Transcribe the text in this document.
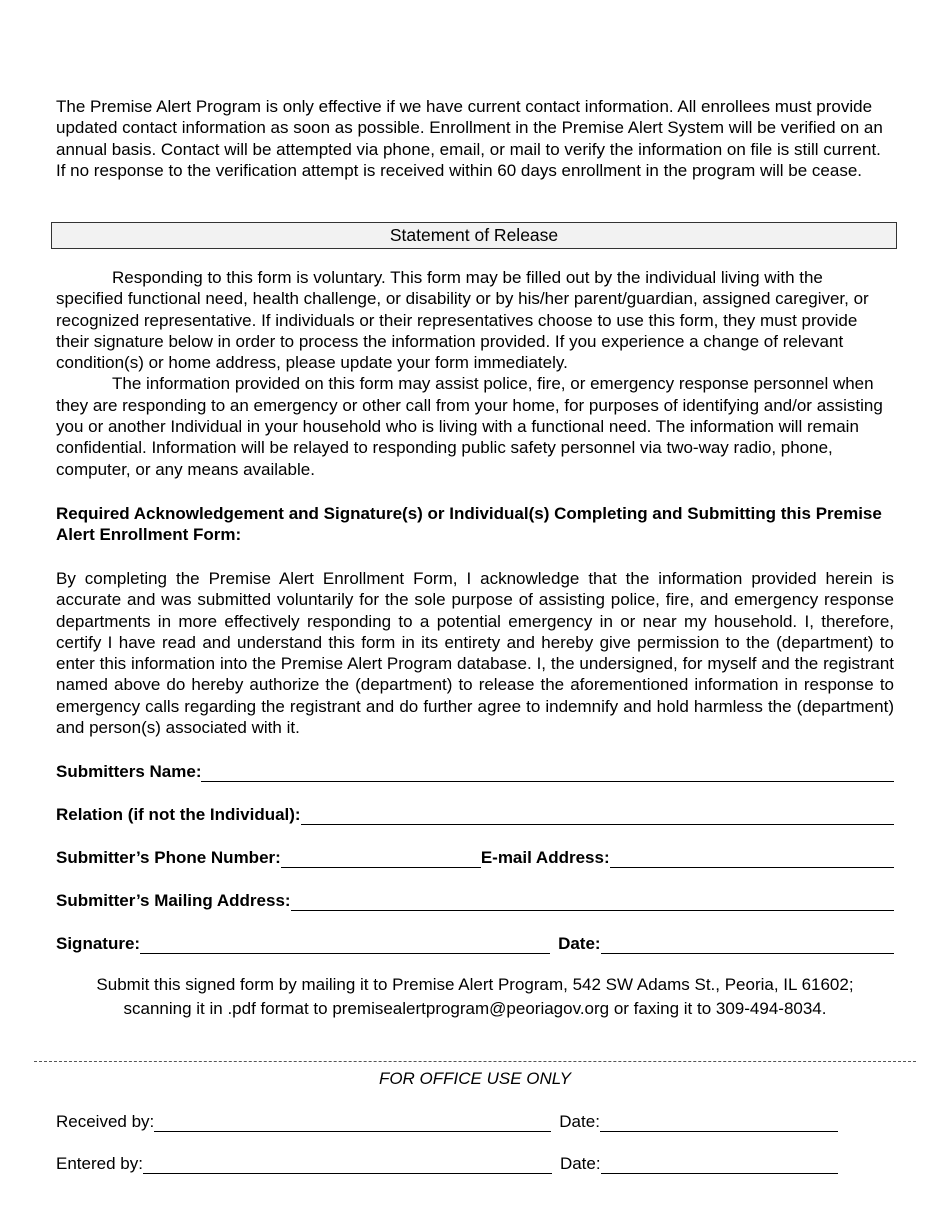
The Premise Alert Program is only effective if we have current contact information. All enrollees must provide updated contact information as soon as possible. Enrollment in the Premise Alert System will be verified on an annual basis. Contact will be attempted via phone, email, or mail to verify the information on file is still current. If no response to the verification attempt is received within 60 days enrollment in the program will be cease.

Statement of Release

Responding to this form is voluntary. This form may be filled out by the individual living with the specified functional need, health challenge, or disability or by his/her parent/guardian, assigned caregiver, or recognized representative. If individuals or their representatives choose to use this form, they must provide their signature below in order to process the information provided. If you experience a change of relevant condition(s) or home address, please update your form immediately.

The information provided on this form may assist police, fire, or emergency response personnel when they are responding to an emergency or other call from your home, for purposes of identifying and/or assisting you or another Individual in your household who is living with a functional need. The information will remain confidential. Information will be relayed to responding public safety personnel via two-way radio, phone, computer, or any means available.

Required Acknowledgement and Signature(s) or Individual(s) Completing and Submitting this Premise Alert Enrollment Form:

By completing the Premise Alert Enrollment Form, I acknowledge that the information provided herein is accurate and was submitted voluntarily for the sole purpose of assisting police, fire, and emergency response departments in more effectively responding to a potential emergency in or near my household. I, therefore, certify I have read and understand this form in its entirety and hereby give permission to the (department) to enter this information into the Premise Alert Program database. I, the undersigned, for myself and the registrant named above do hereby authorize the (department) to release the aforementioned information in response to emergency calls regarding the registrant and do further agree to indemnify and hold harmless the (department) and person(s) associated with it.

Submitters Name:
Relation (if not the Individual):
Submitter’s Phone Number:	E-mail Address:
Submitter’s Mailing Address:
Signature:	Date:
Submit this signed form by mailing it to Premise Alert Program, 542 SW Adams St., Peoria, IL 61602;
scanning it in .pdf format to premisealertprogram@peoriagov.org or faxing it to 309-494-8034.
FOR OFFICE USE ONLY
Received by:	Date:
Entered by:	Date:
